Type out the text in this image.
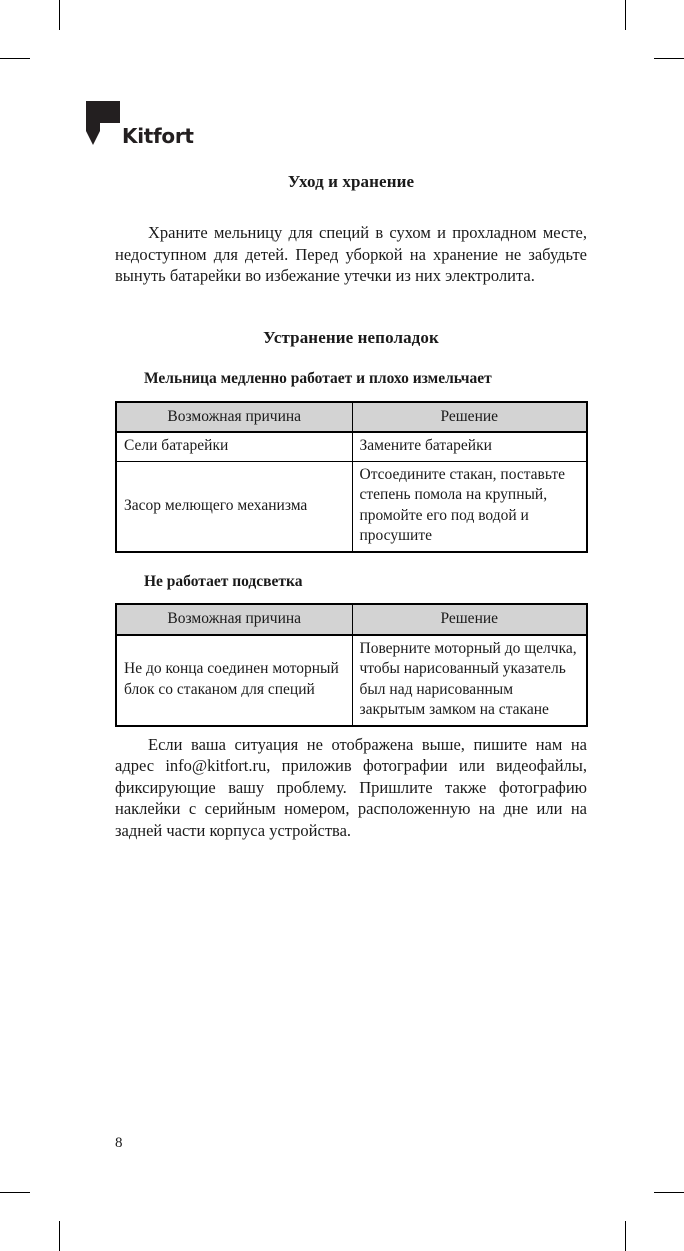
Kitfort
Уход и хранение

Храните мельницу для специй в сухом и прохладном месте, недоступном для детей. Перед уборкой на хранение не забудьте вынуть батарейки во избежание утечки из них электролита.

Устранение неполадок
Мельница медленно работает и плохо измельчает
Возможная причина	Решение
Сели батарейки	Замените батарейки
Засор мелющего механизма	Отсоедините стакан, поставьте степень помола на крупный, промойте его под водой и просушите
Не работает подсветка
Возможная причина	Решение
Не до конца соединен моторный блок со стаканом для специй	Поверните моторный до щелчка, чтобы нарисованный указатель был над нарисованным закрытым замком на стакане

Если ваша ситуация не отображена выше, пишите нам на адрес info@kitfort.ru, приложив фотографии или видеофайлы, фиксирующие вашу проблему. Пришлите также фотографию наклейки с серийным номером, расположенную на дне или на задней части корпуса устройства.

8
